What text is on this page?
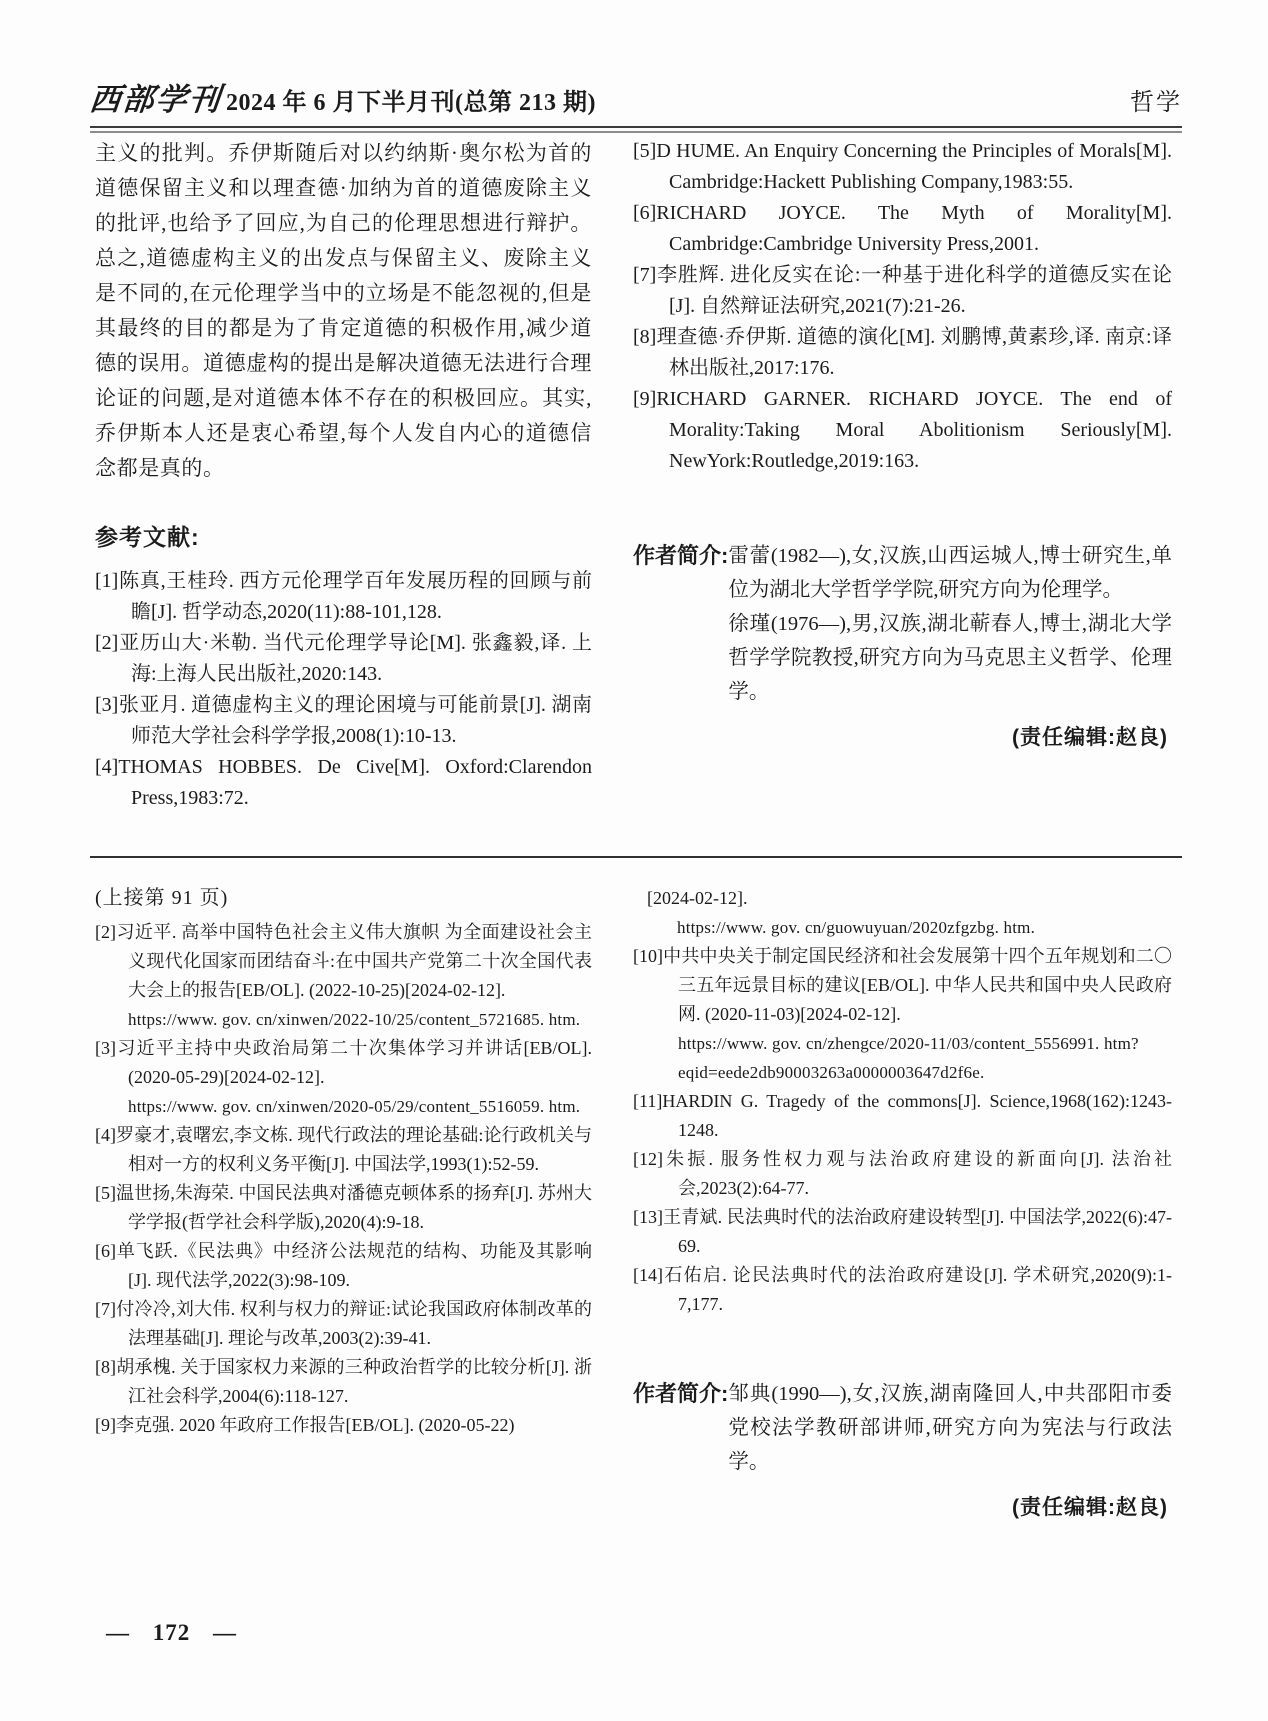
西部学刊 2024 年 6 月下半月刊(总第 213 期)	哲学

主义的批判。乔伊斯随后对以约纳斯·奥尔松为首的道德保留主义和以理查德·加纳为首的道德废除主义的批评,也给予了回应,为自己的伦理思想进行辩护。总之,道德虚构主义的出发点与保留主义、废除主义是不同的,在元伦理学当中的立场是不能忽视的,但是其最终的目的都是为了肯定道德的积极作用,减少道德的误用。道德虚构的提出是解决道德无法进行合理论证的问题,是对道德本体不存在的积极回应。其实,乔伊斯本人还是衷心希望,每个人发自内心的道德信念都是真的。

参考文献:

[1]陈真,王桂玲. 西方元伦理学百年发展历程的回顾与前瞻[J]. 哲学动态,2020(11):88-101,128.

[2]亚历山大·米勒. 当代元伦理学导论[M]. 张鑫毅,译. 上海:上海人民出版社,2020:143.

[3]张亚月. 道德虚构主义的理论困境与可能前景[J]. 湖南师范大学社会科学学报,2008(1):10-13.

[4]THOMAS HOBBES. De Cive[M]. Oxford:Clarendon Press,1983:72.

[5]D HUME. An Enquiry Concerning the Principles of Morals[M]. Cambridge:Hackett Publishing Company,1983:55.

[6]RICHARD JOYCE. The Myth of Morality[M]. Cambridge:Cambridge University Press,2001.

[7]李胜辉. 进化反实在论:一种基于进化科学的道德反实在论[J]. 自然辩证法研究,2021(7):21-26.

[8]理查德·乔伊斯. 道德的演化[M]. 刘鹏博,黄素珍,译. 南京:译林出版社,2017:176.

[9]RICHARD GARNER. RICHARD JOYCE. The end of Morality:Taking Moral Abolitionism Seriously[M]. NewYork:Routledge,2019:163.

作者简介: 雷蕾(1982—),女,汉族,山西运城人,博士研究生,单位为湖北大学哲学学院,研究方向为伦理学。

徐瑾(1976—),男,汉族,湖北蕲春人,博士,湖北大学哲学学院教授,研究方向为马克思主义哲学、伦理学。

(责任编辑:赵良)

(上接第 91 页)

[2]习近平. 高举中国特色社会主义伟大旗帜 为全面建设社会主义现代化国家而团结奋斗:在中国共产党第二十次全国代表大会上的报告[EB/OL]. (2022-10-25)[2024-02-12].
https://www. gov. cn/xinwen/2022-10/25/content_5721685. htm.

[3]习近平主持中央政治局第二十次集体学习并讲话[EB/OL]. (2020-05-29)[2024-02-12].
https://www. gov. cn/xinwen/2020-05/29/content_5516059. htm.

[4]罗豪才,袁曙宏,李文栋. 现代行政法的理论基础:论行政机关与相对一方的权利义务平衡[J]. 中国法学,1993(1):52-59.

[5]温世扬,朱海荣. 中国民法典对潘德克顿体系的扬弃[J]. 苏州大学学报(哲学社会科学版),2020(4):9-18.

[6]单飞跃.《民法典》中经济公法规范的结构、功能及其影响[J]. 现代法学,2022(3):98-109.

[7]付冷冷,刘大伟. 权利与权力的辩证:试论我国政府体制改革的法理基础[J]. 理论与改革,2003(2):39-41.

[8]胡承槐. 关于国家权力来源的三种政治哲学的比较分析[J]. 浙江社会科学,2004(6):118-127.

[9]李克强. 2020 年政府工作报告[EB/OL]. (2020-05-22)

[2024-02-12].
https://www. gov. cn/guowuyuan/2020zfgzbg. htm.

[10]中共中央关于制定国民经济和社会发展第十四个五年规划和二〇三五年远景目标的建议[EB/OL]. 中华人民共和国中央人民政府网. (2020-11-03)[2024-02-12].
https://www. gov. cn/zhengce/2020-11/03/content_5556991. htm? eqid=eede2db90003263a0000003647d2f6e.

[11]HARDIN G. Tragedy of the commons[J]. Science,1968(162):1243-1248.

[12]朱振. 服务性权力观与法治政府建设的新面向[J]. 法治社会,2023(2):64-77.

[13]王青斌. 民法典时代的法治政府建设转型[J]. 中国法学,2022(6):47-69.

[14]石佑启. 论民法典时代的法治政府建设[J]. 学术研究,2020(9):1-7,177.

作者简介: 邹典(1990—),女,汉族,湖南隆回人,中共邵阳市委党校法学教研部讲师,研究方向为宪法与行政法学。

(责任编辑:赵良)
— 172 —
